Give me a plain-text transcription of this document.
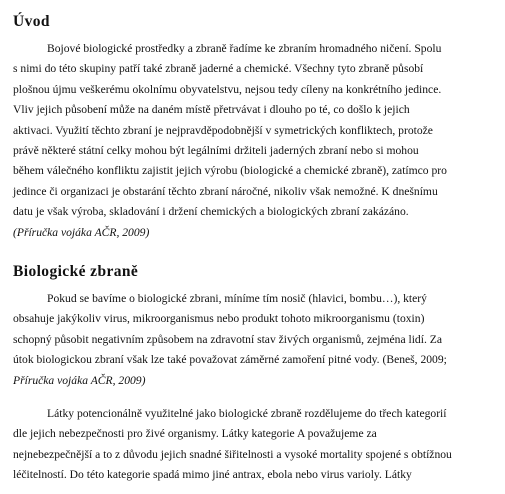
Úvod
Bojové biologické prostředky a zbraně řadíme ke zbraním hromadného ničení. Spolu
s nimi do této skupiny patří také zbraně jaderné a chemické. Všechny tyto zbraně působí
plošnou újmu veškerému okolnímu obyvatelstvu, nejsou tedy cíleny na konkrétního jedince.
Vliv jejich působení může na daném místě přetrvávat i dlouho po té, co došlo k jejich
aktivaci. Využití těchto zbraní je nejpravděpodobnější v symetrických konfliktech, protože
právě některé státní celky mohou být legálními držiteli jaderných zbraní nebo si mohou
během válečného konfliktu zajistit jejich výrobu (biologické a chemické zbraně), zatímco pro
jedince či organizaci je obstarání těchto zbraní náročné, nikoliv však nemožné. K dnešnímu
datu je však výroba, skladování i držení chemických a biologických zbraní zakázáno.
(Příručka vojáka AČR, 2009)
Biologické zbraně
Pokud se bavíme o biologické zbrani, míníme tím nosič (hlavici, bombu…), který
obsahuje jakýkoliv virus, mikroorganismus nebo produkt tohoto mikroorganismu (toxin)
schopný působit negativním způsobem na zdravotní stav živých organismů, zejména lidí. Za
útok biologickou zbraní však lze také považovat záměrné zamoření pitné vody. (Beneš, 2009;
Příručka vojáka AČR, 2009)
Látky potencionálně využitelné jako biologické zbraně rozdělujeme do třech kategorií
dle jejich nebezpečnosti pro živé organismy. Látky kategorie A považujeme za
nejnebezpečnější a to z důvodu jejich snadné šiřitelnosti a vysoké mortality spojené s obtížnou
léčitelností. Do této kategorie spadá mimo jiné antrax, ebola nebo virus varioly. Látky
